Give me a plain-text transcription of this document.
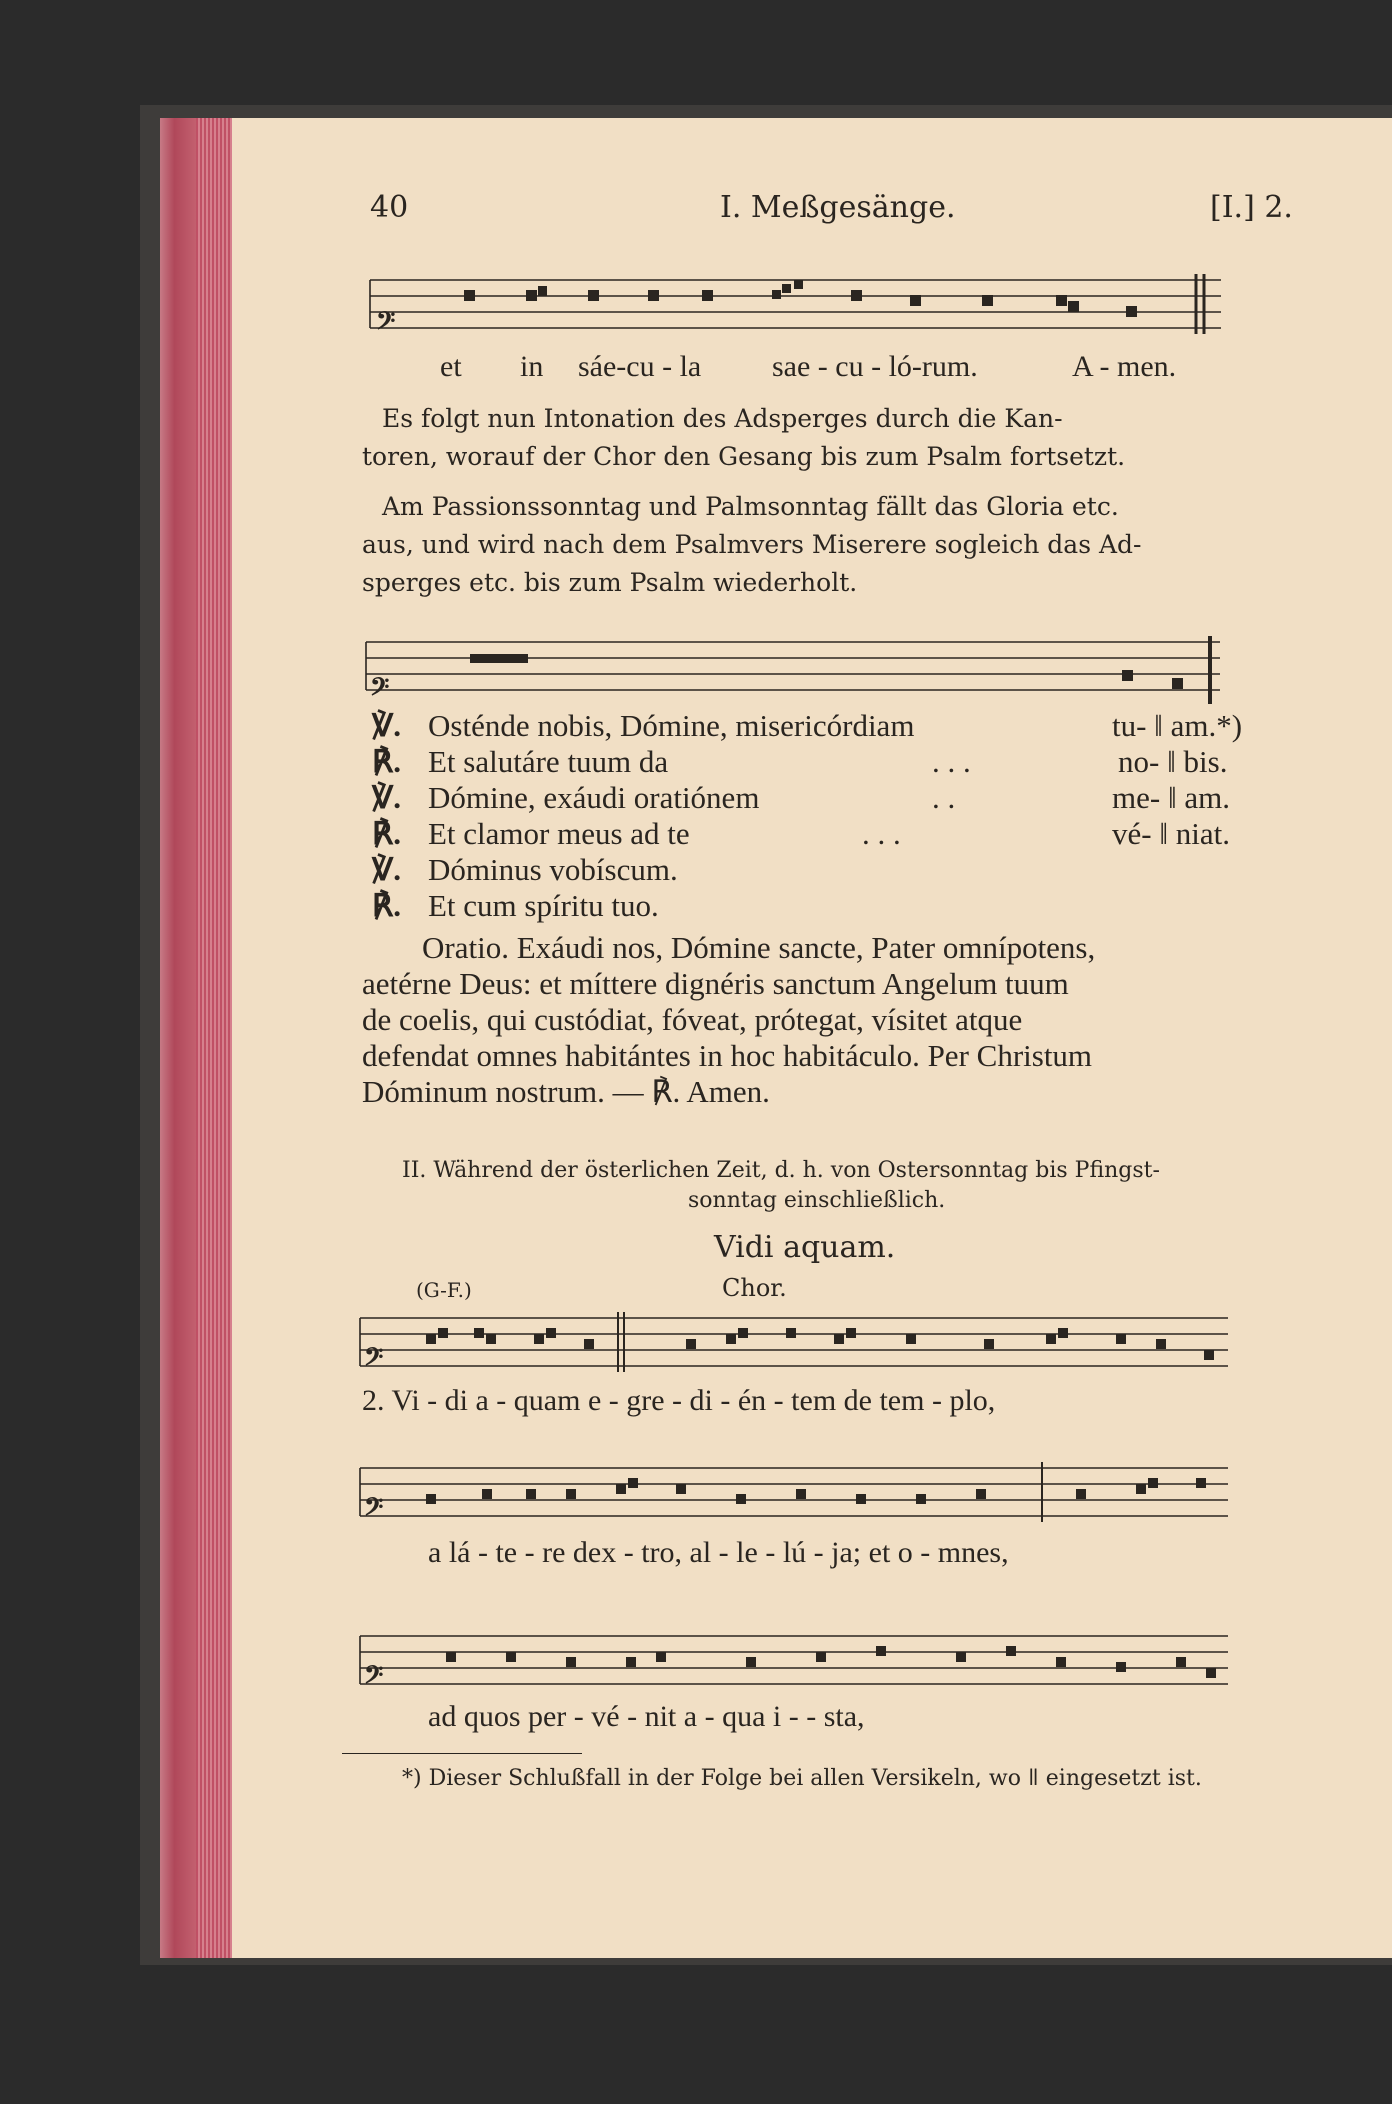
40	I. Meßgesänge.	[I.] 2.
𝄢
et in sáe-cu - la sae - cu - ló-rum.	A - men.
Es folgt nun Intonation des Adsperges durch die Kan-
toren, worauf der Chor den Gesang bis zum Psalm fortsetzt.
Am Passionssonntag und Palmsonntag fällt das Gloria etc.
aus, und wird nach dem Psalmvers Miserere sogleich das Ad-
sperges etc. bis zum Psalm wiederholt.
𝄢
℣. Osténde nobis, Dómine, misericórdiam	tu- ǁ am.*)
℟. Et salutáre tuum da	. . .	no- ǁ bis.
℣. Dómine, exáudi oratiónem	. .	me- ǁ am.
℟. Et clamor meus ad te	. . .	vé- ǁ niat.
℣. Dóminus vobíscum.
℟. Et cum spíritu tuo.
Oratio. Exáudi nos, Dómine sancte, Pater omnípotens,
aetérne Deus: et míttere dignéris sanctum Angelum tuum
de coelis, qui custódiat, fóveat, prótegat, vísitet atque
defendat omnes habitántes in hoc habitáculo. Per Christum
Dóminum nostrum. — ℟. Amen.
II. Während der österlichen Zeit, d. h. von Ostersonntag bis Pfingst-
sonntag einschließlich.
Vidi aquam.
(G-F.)	Chor.
𝄢
2. Vi - di a - quam e - gre - di - én - tem de tem - plo,
𝄢
a lá - te - re dex - tro, al - le - lú - ja; et o - mnes,
𝄢
ad quos per - vé - nit a - qua i - - sta,
*) Dieser Schlußfall in der Folge bei allen Versikeln, wo ǁ eingesetzt ist.
